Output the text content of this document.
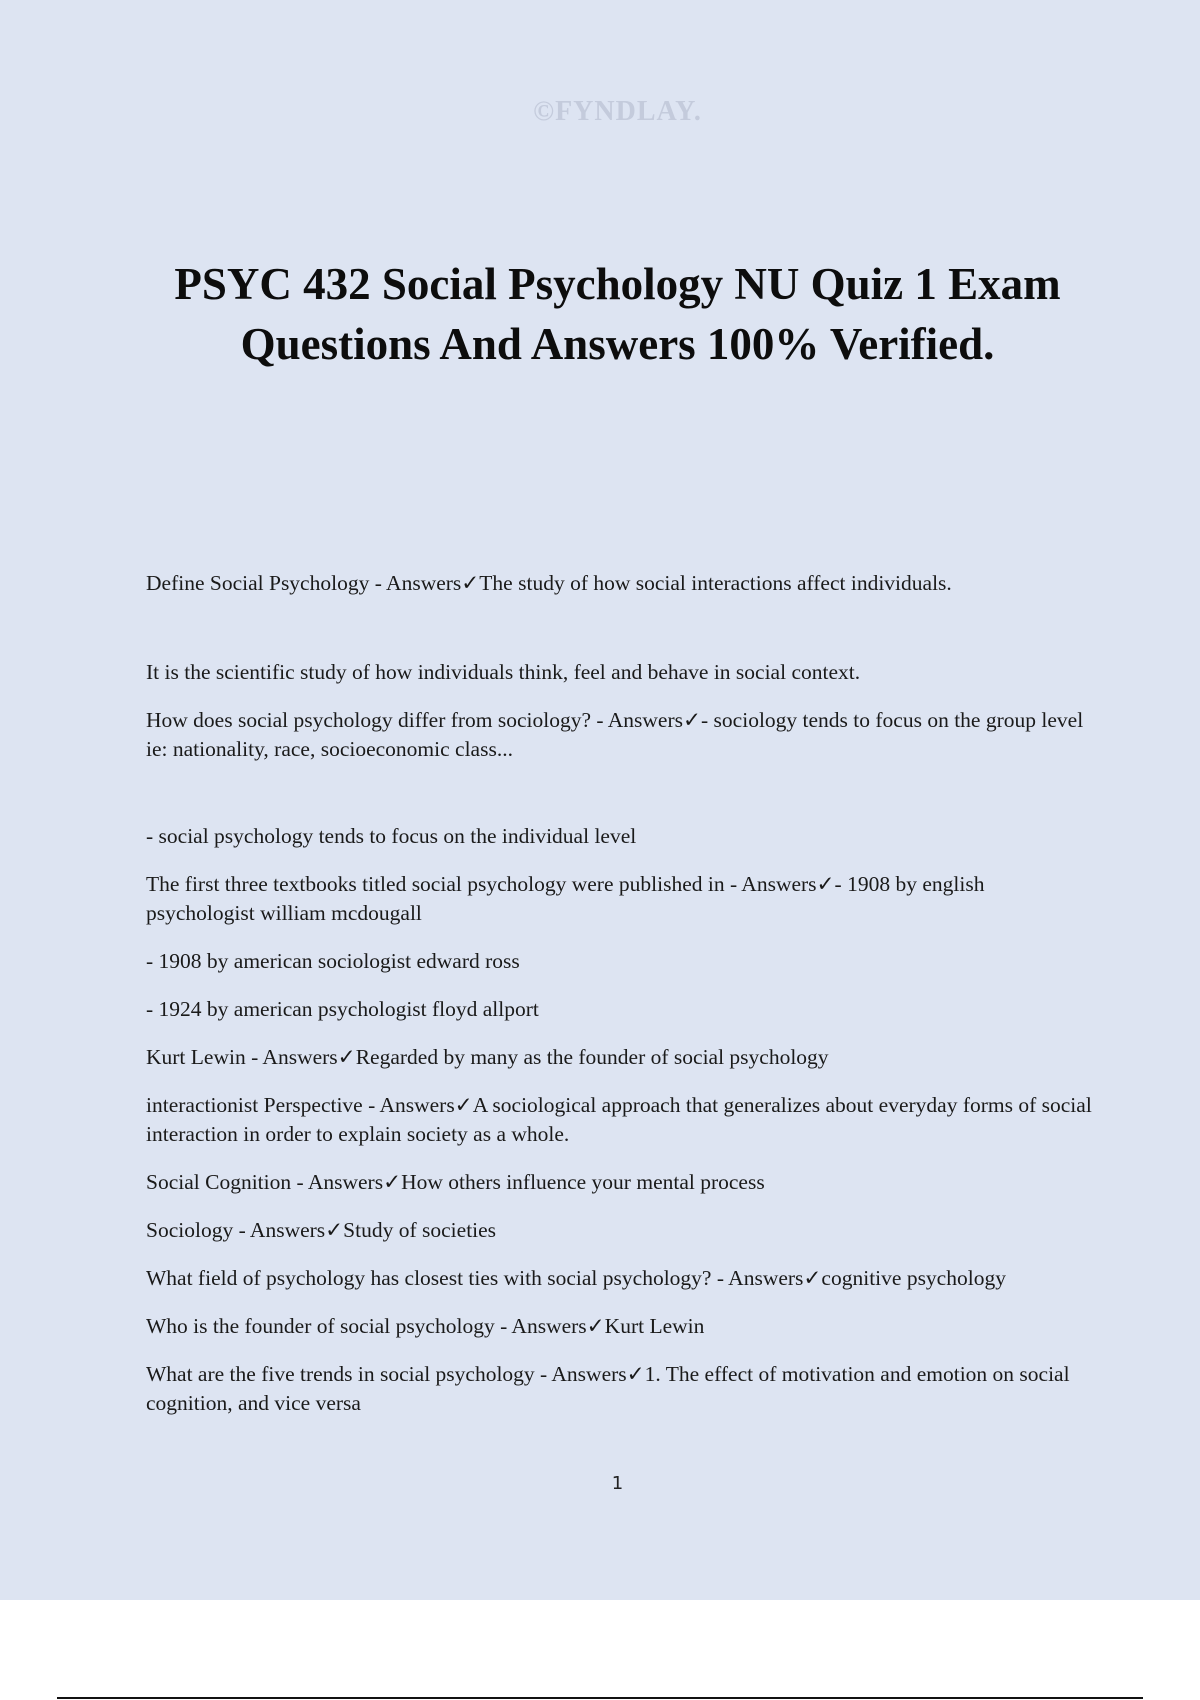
©FYNDLAY.
PSYC 432 Social Psychology NU Quiz 1 Exam Questions And Answers 100% Verified.

Define Social Psychology - Answers✓The study of how social interactions affect individuals.

It is the scientific study of how individuals think, feel and behave in social context.

How does social psychology differ from sociology? - Answers✓- sociology tends to focus on the group level ie: nationality, race, socioeconomic class...

- social psychology tends to focus on the individual level

The first three textbooks titled social psychology were published in - Answers✓- 1908 by english psychologist william mcdougall

- 1908 by american sociologist edward ross

- 1924 by american psychologist floyd allport

Kurt Lewin - Answers✓Regarded by many as the founder of social psychology

interactionist Perspective - Answers✓A sociological approach that generalizes about everyday forms of social interaction in order to explain society as a whole.

Social Cognition - Answers✓How others influence your mental process

Sociology - Answers✓Study of societies

What field of psychology has closest ties with social psychology? - Answers✓cognitive psychology

Who is the founder of social psychology - Answers✓Kurt Lewin

What are the five trends in social psychology - Answers✓1. The effect of motivation and emotion on social cognition, and vice versa

1
